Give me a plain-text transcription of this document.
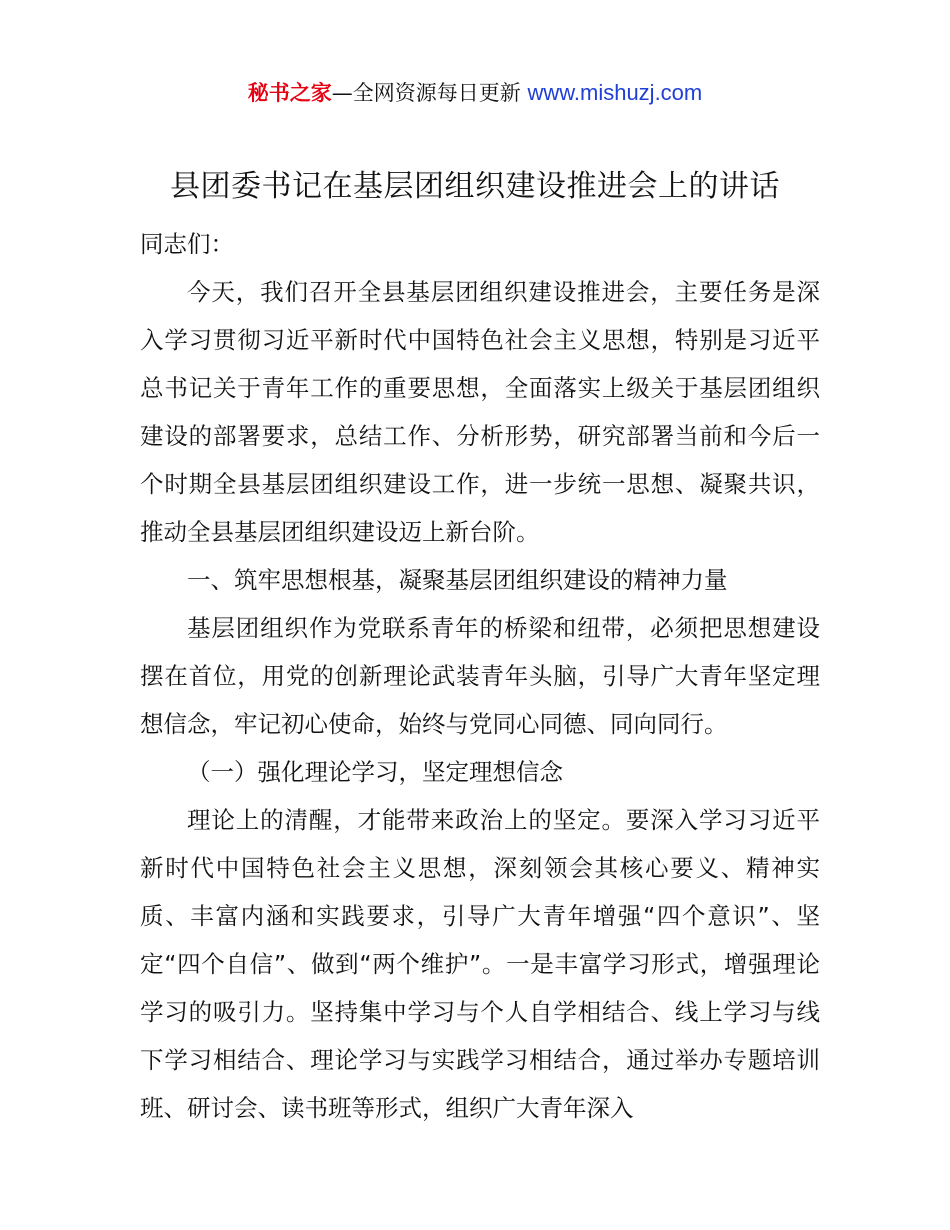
秘书之家—全网资源每日更新 www.mishuzj.com
县团委书记在基层团组织建设推进会上的讲话

同志们：

今天，我们召开全县基层团组织建设推进会，主要任务是深入学习贯彻习近平新时代中国特色社会主义思想，特别是习近平总书记关于青年工作的重要思想，全面落实上级关于基层团组织建设的部署要求，总结工作、分析形势，研究部署当前和今后一个时期全县基层团组织建设工作，进一步统一思想、凝聚共识，推动全县基层团组织建设迈上新台阶。

一、筑牢思想根基，凝聚基层团组织建设的精神力量

基层团组织作为党联系青年的桥梁和纽带，必须把思想建设摆在首位，用党的创新理论武装青年头脑，引导广大青年坚定理想信念，牢记初心使命，始终与党同心同德、同向同行。

（一）强化理论学习，坚定理想信念

理论上的清醒，才能带来政治上的坚定。要深入学习习近平新时代中国特色社会主义思想，深刻领会其核心要义、精神实质、丰富内涵和实践要求，引导广大青年增强“四个意识”、坚定“四个自信”、做到“两个维护”。一是丰富学习形式，增强理论学习的吸引力。坚持集中学习与个人自学相结合、线上学习与线下学习相结合、理论学习与实践学习相结合，通过举办专题培训班、研讨会、读书班等形式，组织广大青年深入
